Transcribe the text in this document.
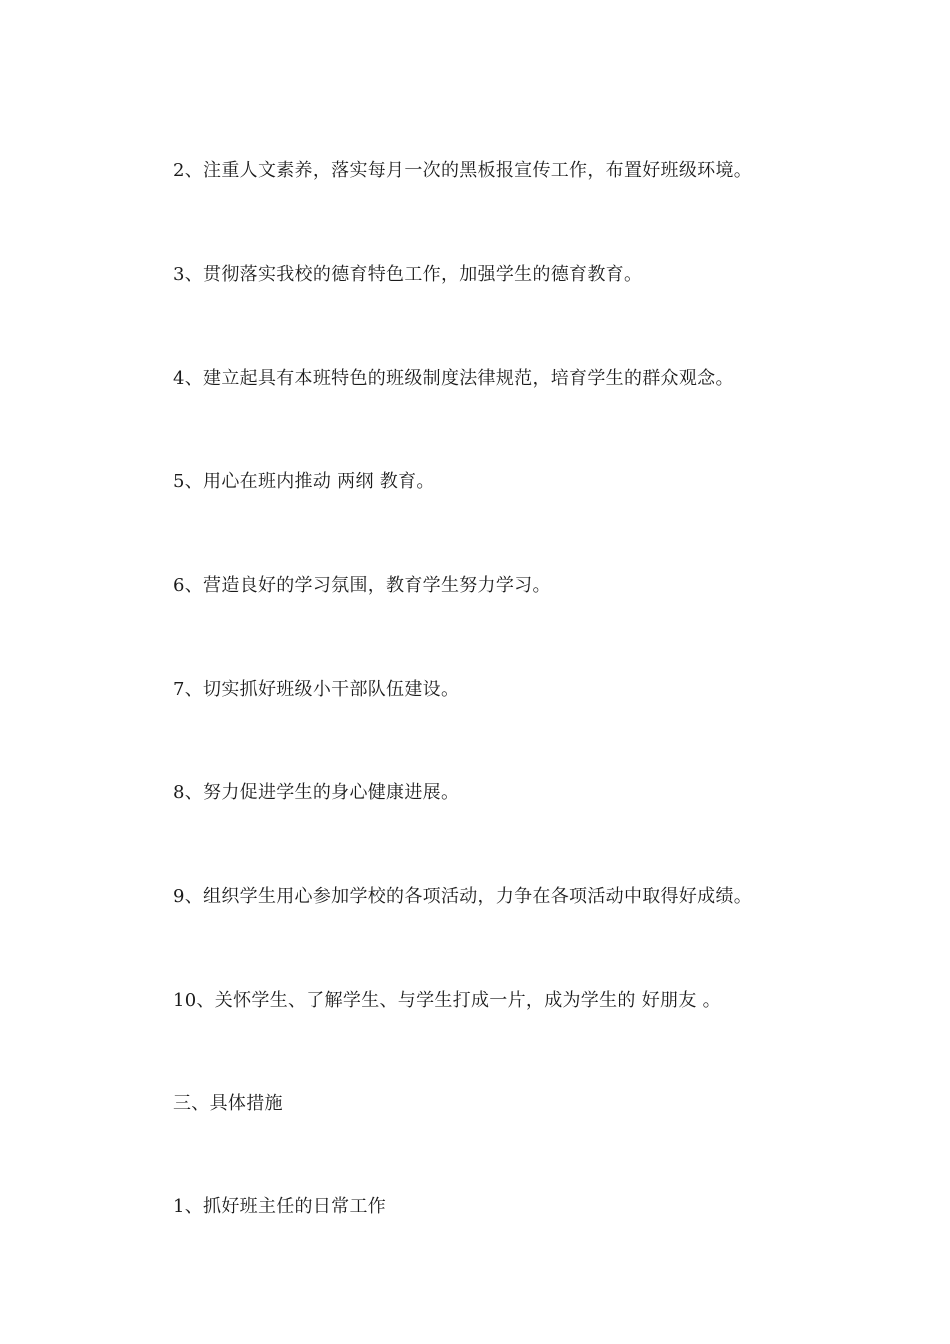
2、注重人文素养，落实每月一次的黑板报宣传工作，布置好班级环境。
3、贯彻落实我校的德育特色工作，加强学生的德育教育。
4、建立起具有本班特色的班级制度法律规范，培育学生的群众观念。
5、用心在班内推动 两纲 教育。
6、营造良好的学习氛围，教育学生努力学习。
7、切实抓好班级小干部队伍建设。
8、努力促进学生的身心健康进展。
9、组织学生用心参加学校的各项活动，力争在各项活动中取得好成绩。
10、关怀学生、了解学生、与学生打成一片，成为学生的 好朋友 。
三、具体措施
1、抓好班主任的日常工作
